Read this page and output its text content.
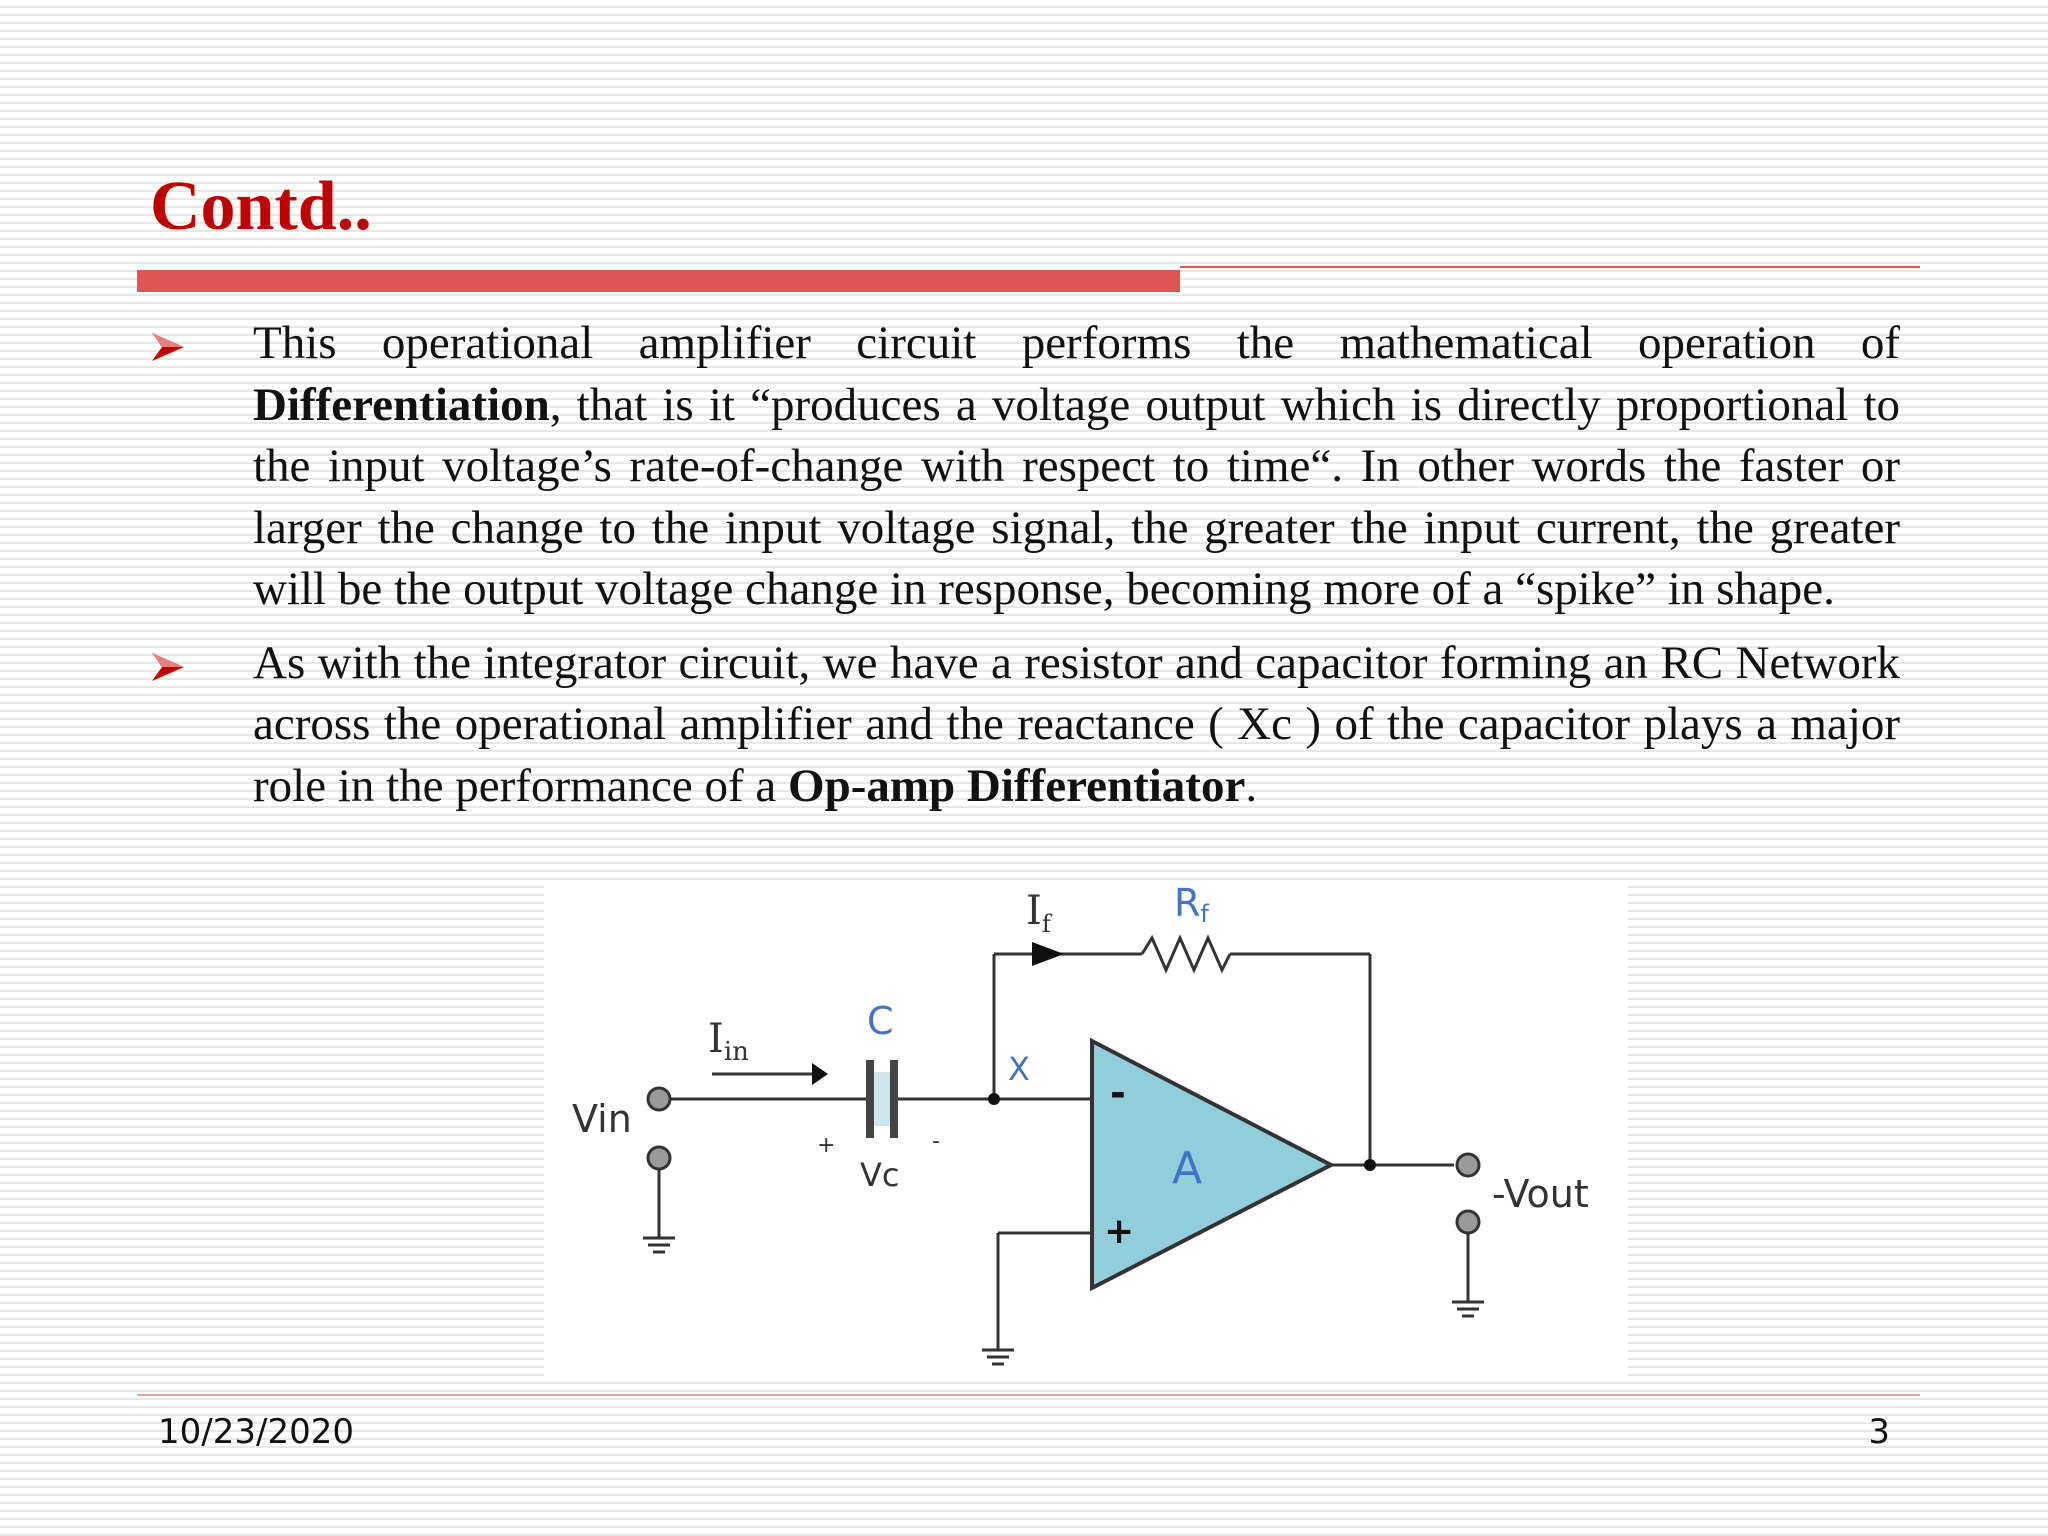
Contd..
This operational amplifier circuit performs the mathematical operation of Differentiation, that is it “produces a voltage output which is directly proportional to the input voltage’s rate-of-change with respect to time“. In other words the faster or larger the change to the input voltage signal, the greater the input current, the greater will be the output voltage change in response, becoming more of a “spike” in shape.
As with the integrator circuit, we have a resistor and capacitor forming an RC Network across the operational amplifier and the reactance ( Xc ) of the capacitor plays a major role in the performance of a Op-amp Differentiator.
Vin
Iin
C
Vc
+	-
X
If	Rf
A
-
+
-Vout
10/23/2020	3
